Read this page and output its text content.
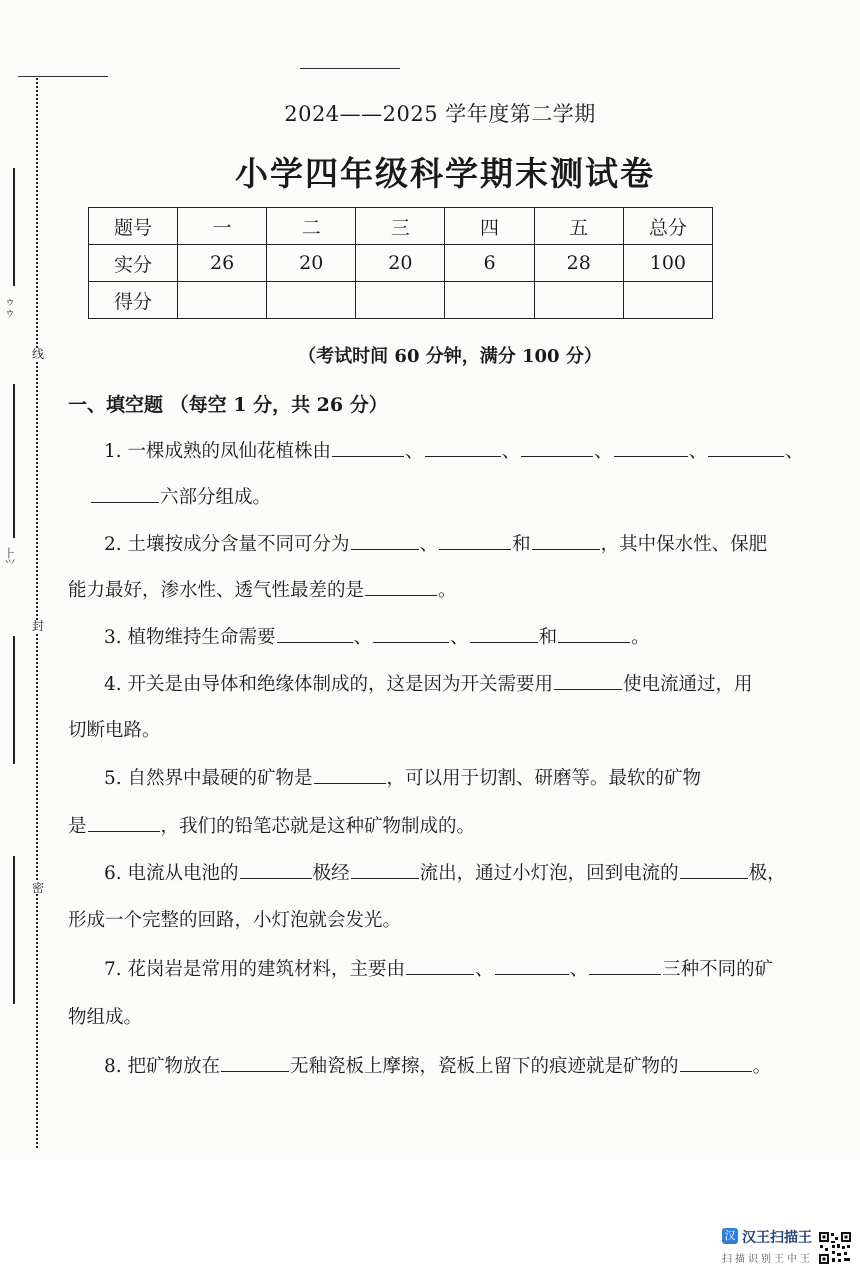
ゥ
ゥ
⺊
⺍
线
封
密
2024——2025 学年度第二学期
小学四年级科学期末测试卷
题号	一	二	三	四	五	总分
实分	26	20	20	6	28	100
得分						
（考试时间 60 分钟，满分 100 分）
一、填空题 （每空 1 分，共 26 分）
1. 一棵成熟的凤仙花植株由	、	、	、	、	、
六部分组成。
2. 土壤按成分含量不同可分为	、	和	，其中保水性、保肥
能力最好，渗水性、透气性最差的是	。
3. 植物维持生命需要	、	、	和	。
4. 开关是由导体和绝缘体制成的，这是因为开关需要用	使电流通过，用
切断电路。
5. 自然界中最硬的矿物是	，可以用于切割、研磨等。最软的矿物
是	，我们的铅笔芯就是这种矿物制成的。
6. 电流从电池的	极经	流出，通过小灯泡，回到电流的	极，
形成一个完整的回路，小灯泡就会发光。
7. 花岗岩是常用的建筑材料，主要由	、	、	三种不同的矿
物组成。
8. 把矿物放在	无釉瓷板上摩擦，瓷板上留下的痕迹就是矿物的	。
汉 汉王扫描王
扫描识别王中王
